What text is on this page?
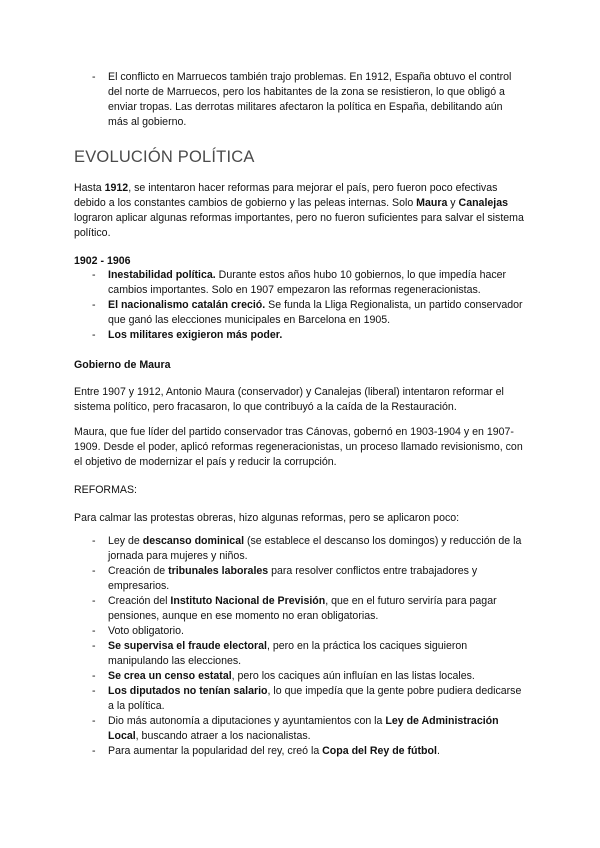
- El conflicto en Marruecos también trajo problemas. En 1912, España obtuvo el control del norte de Marruecos, pero los habitantes de la zona se resistieron, lo que obligó a enviar tropas. Las derrotas militares afectaron la política en España, debilitando aún más al gobierno.
EVOLUCIÓN POLÍTICA

Hasta 1912, se intentaron hacer reformas para mejorar el país, pero fueron poco efectivas debido a los constantes cambios de gobierno y las peleas internas. Solo Maura y Canalejas lograron aplicar algunas reformas importantes, pero no fueron suficientes para salvar el sistema político.

1902 - 1906
- Inestabilidad política. Durante estos años hubo 10 gobiernos, lo que impedía hacer cambios importantes. Solo en 1907 empezaron las reformas regeneracionistas.
- El nacionalismo catalán creció. Se funda la Lliga Regionalista, un partido conservador que ganó las elecciones municipales en Barcelona en 1905.
- Los militares exigieron más poder.
Gobierno de Maura

Entre 1907 y 1912, Antonio Maura (conservador) y Canalejas (liberal) intentaron reformar el sistema político, pero fracasaron, lo que contribuyó a la caída de la Restauración.

Maura, que fue líder del partido conservador tras Cánovas, gobernó en 1903-1904 y en 1907-1909. Desde el poder, aplicó reformas regeneracionistas, un proceso llamado revisionismo, con el objetivo de modernizar el país y reducir la corrupción.

REFORMAS:

Para calmar las protestas obreras, hizo algunas reformas, pero se aplicaron poco:

- Ley de descanso dominical (se establece el descanso los domingos) y reducción de la jornada para mujeres y niños.
- Creación de tribunales laborales para resolver conflictos entre trabajadores y empresarios.
- Creación del Instituto Nacional de Previsión, que en el futuro serviría para pagar pensiones, aunque en ese momento no eran obligatorias.
- Voto obligatorio.
- Se supervisa el fraude electoral, pero en la práctica los caciques siguieron manipulando las elecciones.
- Se crea un censo estatal, pero los caciques aún influían en las listas locales.
- Los diputados no tenían salario, lo que impedía que la gente pobre pudiera dedicarse a la política.
- Dio más autonomía a diputaciones y ayuntamientos con la Ley de Administración Local, buscando atraer a los nacionalistas.
- Para aumentar la popularidad del rey, creó la Copa del Rey de fútbol.
